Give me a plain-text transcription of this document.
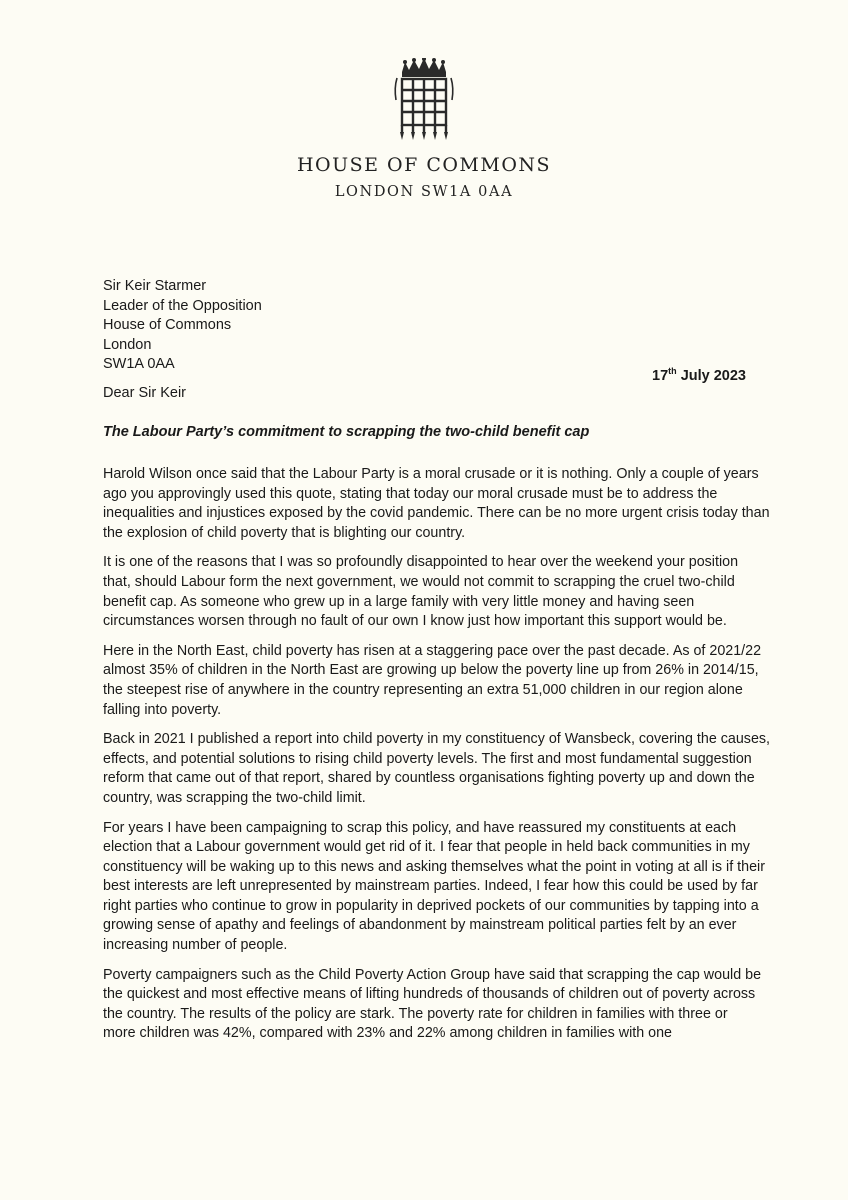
HOUSE OF COMMONS
LONDON SW1A 0AA
Sir Keir Starmer
Leader of the Opposition
House of Commons
London
SW1A 0AA
17th July 2023
Dear Sir Keir
The Labour Party’s commitment to scrapping the two-child benefit cap

Harold Wilson once said that the Labour Party is a moral crusade or it is nothing. Only a couple of years
ago you approvingly used this quote, stating that today our moral crusade must be to address the
inequalities and injustices exposed by the covid pandemic. There can be no more urgent crisis today than
the explosion of child poverty that is blighting our country.

It is one of the reasons that I was so profoundly disappointed to hear over the weekend your position
that, should Labour form the next government, we would not commit to scrapping the cruel two-child
benefit cap. As someone who grew up in a large family with very little money and having seen
circumstances worsen through no fault of our own I know just how important this support would be.

Here in the North East, child poverty has risen at a staggering pace over the past decade. As of 2021/22
almost 35% of children in the North East are growing up below the poverty line up from 26% in 2014/15,
the steepest rise of anywhere in the country representing an extra 51,000 children in our region alone
falling into poverty.

Back in 2021 I published a report into child poverty in my constituency of Wansbeck, covering the causes,
effects, and potential solutions to rising child poverty levels. The first and most fundamental suggestion
reform that came out of that report, shared by countless organisations fighting poverty up and down the
country, was scrapping the two-child limit.

For years I have been campaigning to scrap this policy, and have reassured my constituents at each
election that a Labour government would get rid of it. I fear that people in held back communities in my
constituency will be waking up to this news and asking themselves what the point in voting at all is if their
best interests are left unrepresented by mainstream parties. Indeed, I fear how this could be used by far
right parties who continue to grow in popularity in deprived pockets of our communities by tapping into a
growing sense of apathy and feelings of abandonment by mainstream political parties felt by an ever
increasing number of people.

Poverty campaigners such as the Child Poverty Action Group have said that scrapping the cap would be
the quickest and most effective means of lifting hundreds of thousands of children out of poverty across
the country. The results of the policy are stark. The poverty rate for children in families with three or
more children was 42%, compared with 23% and 22% among children in families with one
